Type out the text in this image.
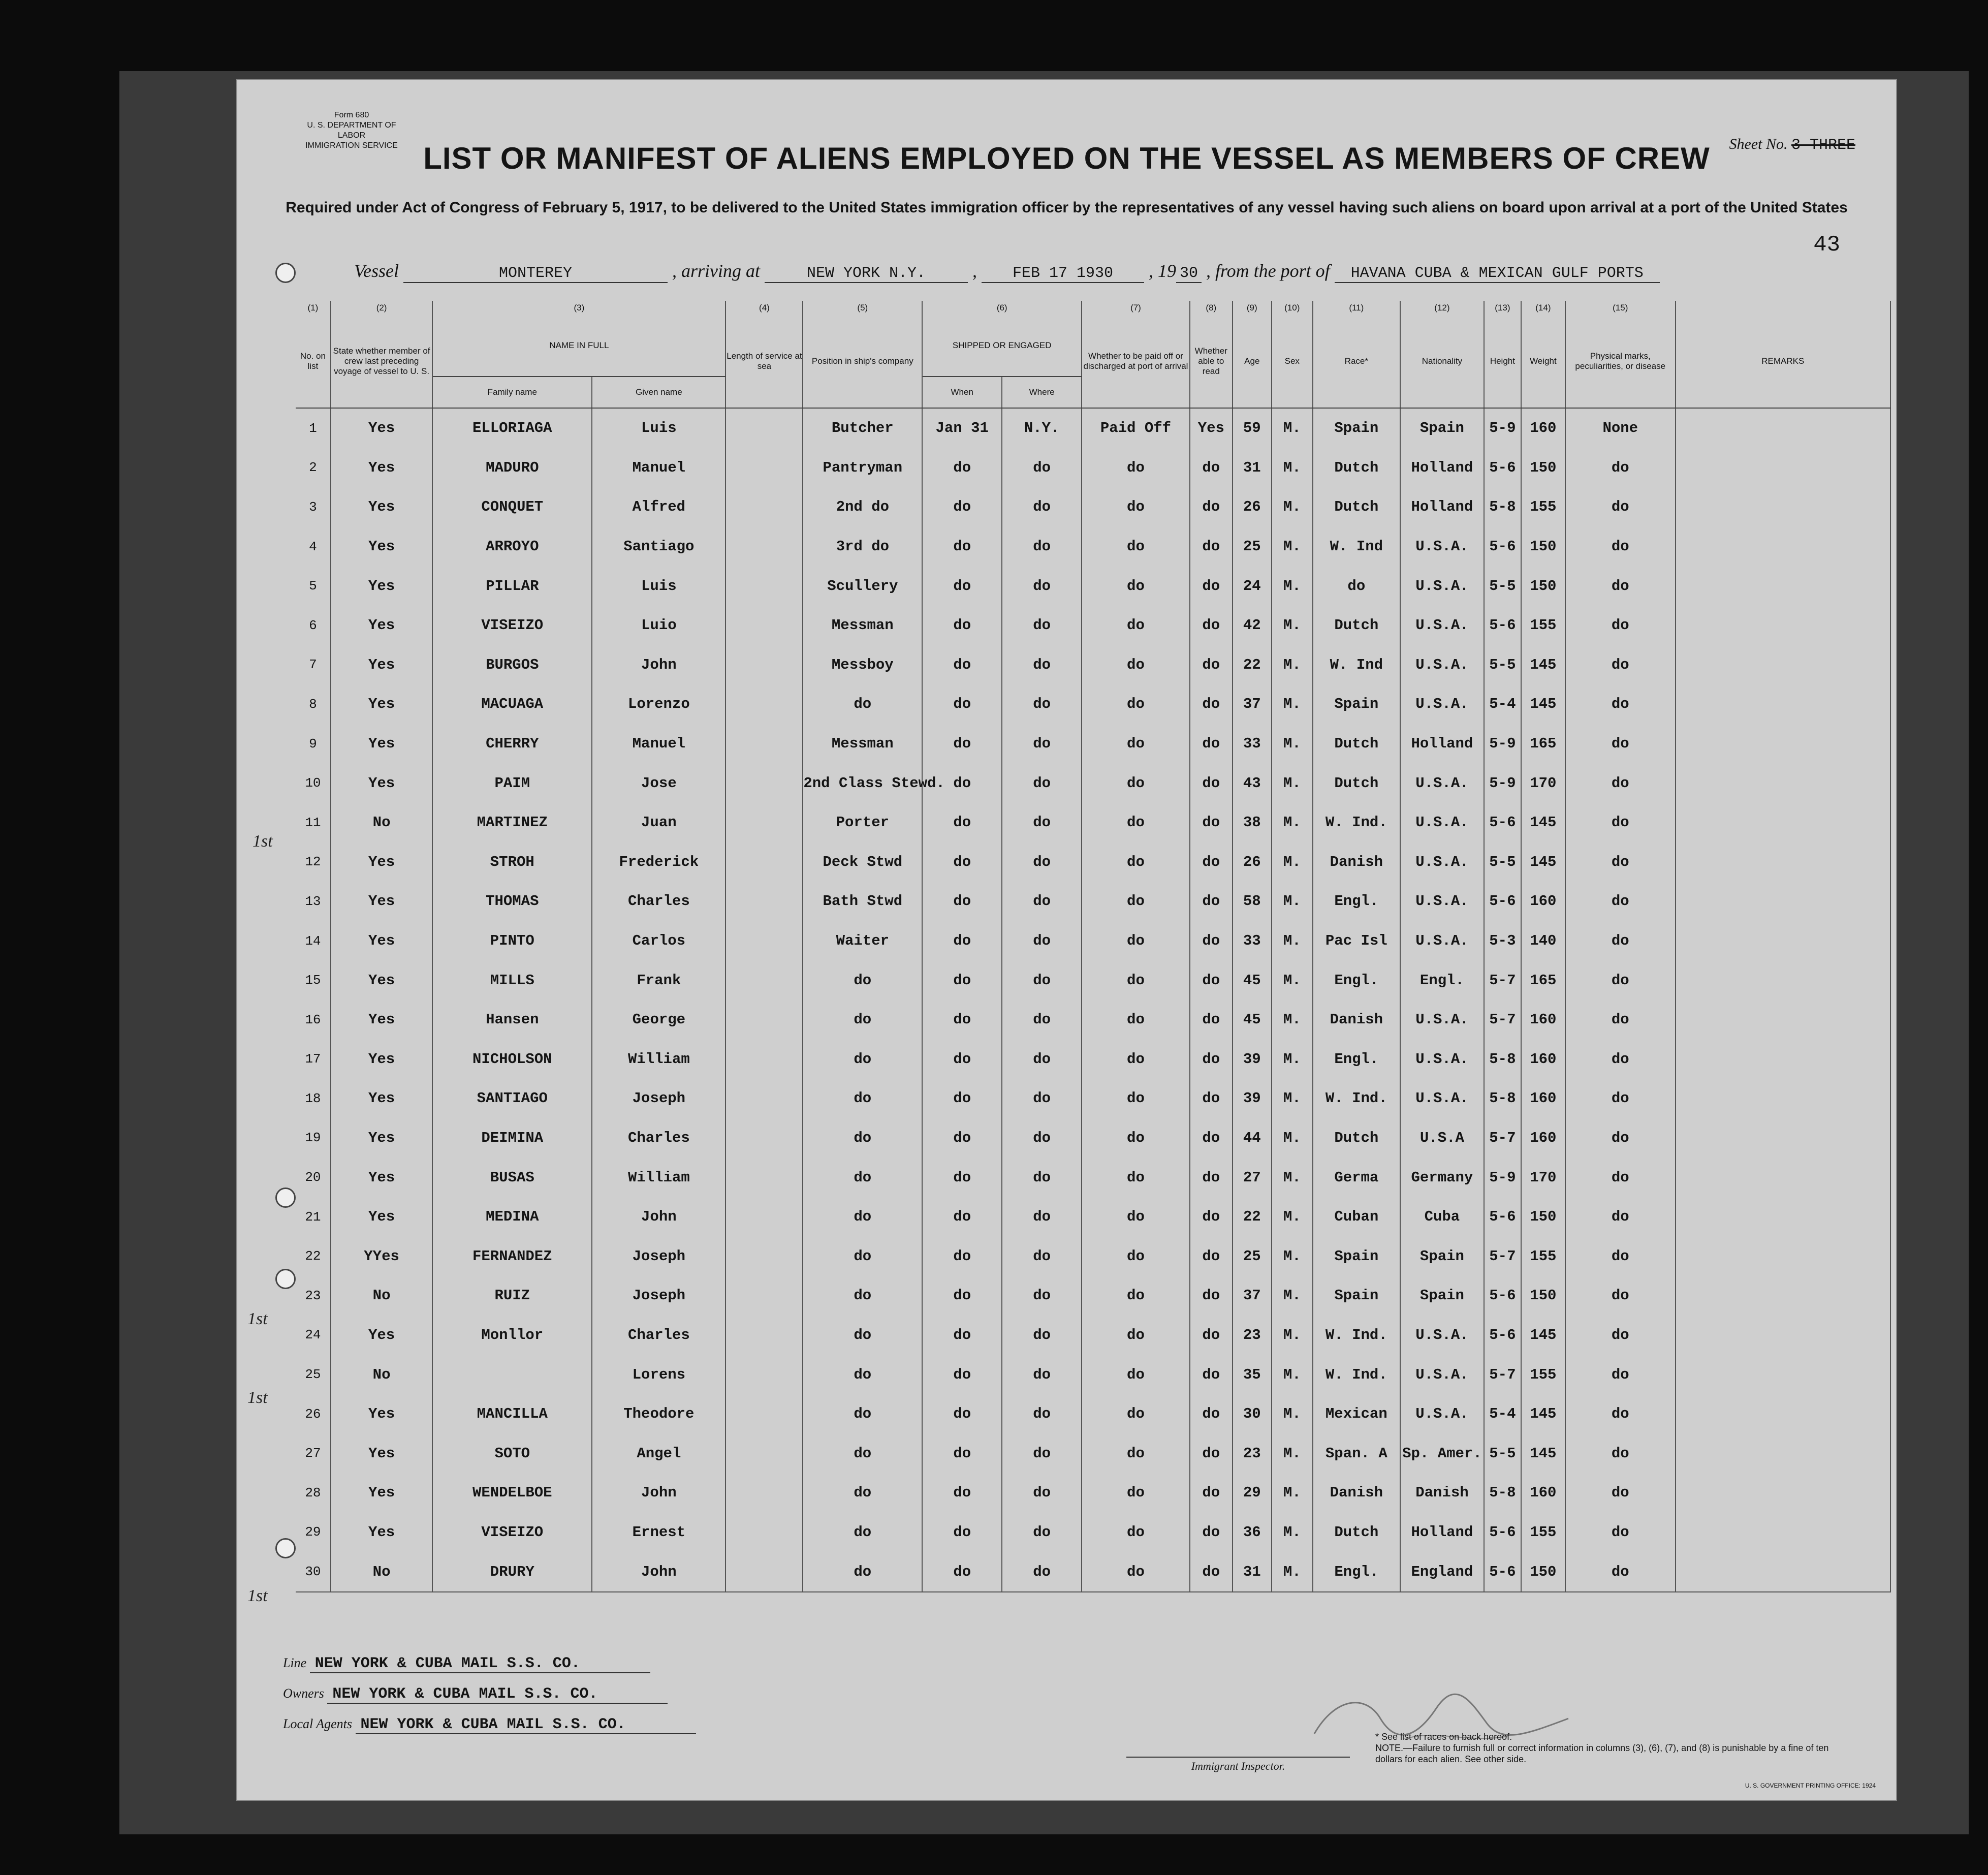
Form 680
U. S. DEPARTMENT OF LABOR
IMMIGRATION SERVICE	Sheet No. 3 THREE
43
LIST OR MANIFEST OF ALIENS EMPLOYED ON THE VESSEL AS MEMBERS OF CREW
Required under Act of Congress of February 5, 1917, to be delivered to the United States immigration officer by the representatives of any vessel having such aliens on board upon arrival at a port of the United States
Vessel	MONTEREY	, arriving at	NEW YORK N.Y.	, FEB 17 1930 , 19 30 , from the port of HAVANA CUBA & MEXICAN GULF PORTS
1st
1st
1st
1st
(1)	(2)	(3)		(4)	(5)	(6)		(7)	(8)	(9)	(10)	(11)	(12)	(13)	(14)	(15)	
No. on list	State whether member of crew last preceding voyage of vessel to U. S.	NAME IN FULL		Length of service at sea	Position in ship's company	SHIPPED OR ENGAGED		Whether to be paid off or discharged at port of arrival	Whether able to read	Age	Sex	Race*	Nationality	Height	Weight	Physical marks, peculiarities, or disease	REMARKS
		Family name	Given name			When	Where										
1	Yes	ELLORIAGA	Luis		Butcher	Jan 31	N.Y.	Paid Off	Yes	59	M.	Spain	Spain	5-9	160	None	
2	Yes	MADURO	Manuel		Pantryman	do	do	do	do	31	M.	Dutch	Holland	5-6	150	do	
3	Yes	CONQUET	Alfred		2nd do	do	do	do	do	26	M.	Dutch	Holland	5-8	155	do	
4	Yes	ARROYO	Santiago		3rd do	do	do	do	do	25	M.	W. Ind	U.S.A.	5-6	150	do	
5	Yes	PILLAR	Luis		Scullery	do	do	do	do	24	M.	do	U.S.A.	5-5	150	do	
6	Yes	VISEIZO	Luio		Messman	do	do	do	do	42	M.	Dutch	U.S.A.	5-6	155	do	
7	Yes	BURGOS	John		Messboy	do	do	do	do	22	M.	W. Ind	U.S.A.	5-5	145	do	
8	Yes	MACUAGA	Lorenzo		do	do	do	do	do	37	M.	Spain	U.S.A.	5-4	145	do	
9	Yes	CHERRY	Manuel		Messman	do	do	do	do	33	M.	Dutch	Holland	5-9	165	do	
10	Yes	PAIM	Jose		2nd Class Stewd.	do	do	do	do	43	M.	Dutch	U.S.A.	5-9	170	do	
11	No	MARTINEZ	Juan		Porter	do	do	do	do	38	M.	W. Ind.	U.S.A.	5-6	145	do	
12	Yes	STROH	Frederick		Deck Stwd	do	do	do	do	26	M.	Danish	U.S.A.	5-5	145	do	
13	Yes	THOMAS	Charles		Bath Stwd	do	do	do	do	58	M.	Engl.	U.S.A.	5-6	160	do	
14	Yes	PINTO	Carlos		Waiter	do	do	do	do	33	M.	Pac Isl	U.S.A.	5-3	140	do	
15	Yes	MILLS	Frank		do	do	do	do	do	45	M.	Engl.	Engl.	5-7	165	do	
16	Yes	Hansen	George		do	do	do	do	do	45	M.	Danish	U.S.A.	5-7	160	do	
17	Yes	NICHOLSON	William		do	do	do	do	do	39	M.	Engl.	U.S.A.	5-8	160	do	
18	Yes	SANTIAGO	Joseph		do	do	do	do	do	39	M.	W. Ind.	U.S.A.	5-8	160	do	
19	Yes	DEIMINA	Charles		do	do	do	do	do	44	M.	Dutch	U.S.A	5-7	160	do	
20	Yes	BUSAS	William		do	do	do	do	do	27	M.	Germa	Germany	5-9	170	do	
21	Yes	MEDINA	John		do	do	do	do	do	22	M.	Cuban	Cuba	5-6	150	do	
22	YYes	FERNANDEZ	Joseph		do	do	do	do	do	25	M.	Spain	Spain	5-7	155	do	
23	No	RUIZ	Joseph		do	do	do	do	do	37	M.	Spain	Spain	5-6	150	do	
24	Yes	Monllor	Charles		do	do	do	do	do	23	M.	W. Ind.	U.S.A.	5-6	145	do	
25	No		Lorens		do	do	do	do	do	35	M.	W. Ind.	U.S.A.	5-7	155	do	
26	Yes	MANCILLA	Theodore		do	do	do	do	do	30	M.	Mexican	U.S.A.	5-4	145	do	
27	Yes	SOTO	Angel		do	do	do	do	do	23	M.	Span. A	Sp. Amer.	5-5	145	do	
28	Yes	WENDELBOE	John		do	do	do	do	do	29	M.	Danish	Danish	5-8	160	do	
29	Yes	VISEIZO	Ernest		do	do	do	do	do	36	M.	Dutch	Holland	5-6	155	do	
30	No	DRURY	John		do	do	do	do	do	31	M.	Engl.	England	5-6	150	do	
Line NEW YORK & CUBA MAIL S.S. CO.
Owners NEW YORK & CUBA MAIL S.S. CO.
Local Agents NEW YORK & CUBA MAIL S.S. CO.
Immigrant Inspector.
* See list of races on back hereof.
NOTE.—Failure to furnish full or correct information in columns (3), (6), (7), and (8) is punishable by a fine of ten dollars for each alien. See other side.
U. S. GOVERNMENT PRINTING OFFICE: 1924
